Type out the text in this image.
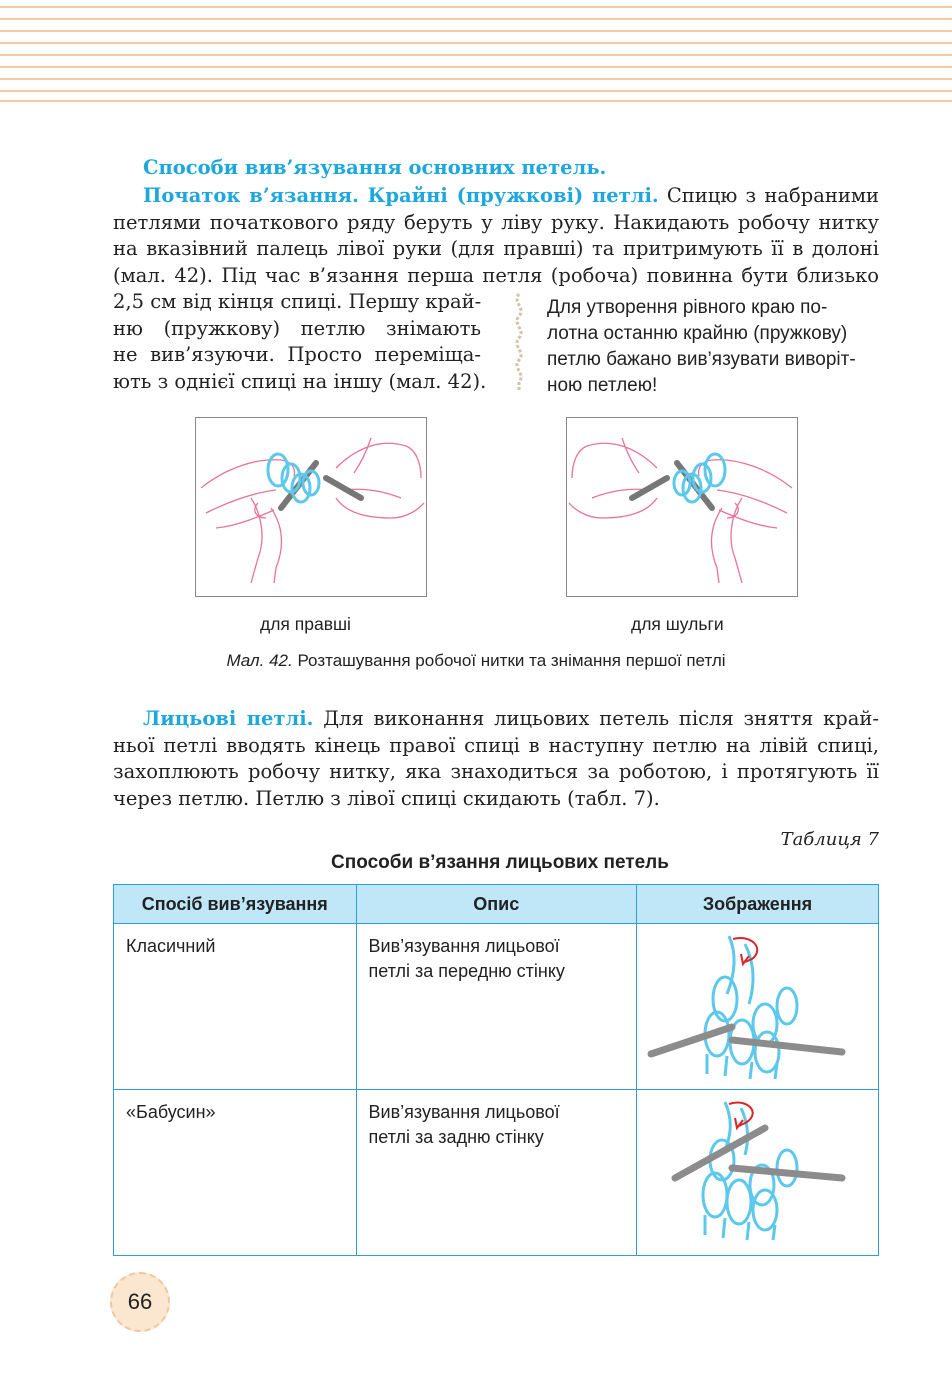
Способи вив’язування основних петель.
Початок в’язання. Крайні (пружкові) петлі. Спицю з набраними
петлями початкового ряду беруть у ліву руку. Накидають робочу нитку
на вказівний палець лівої руки (для правші) та притримують її в долоні
(мал. 42). Під час в’язання перша петля (робоча) повинна бути близько
2,5 см від кінця спиці. Першу край-
ню (пружкову) петлю знімають
не вив’язуючи. Просто переміща-
ють з однієї спиці на іншу (мал. 42).
Для утворення рівного краю по-
лотна останню крайню (пружкову)
петлю бажано вив’язувати виворіт-
ною петлею!
для правші	для шульги
Мал. 42. Розташування робочої нитки та знімання першої петлі
Лицьові петлі. Для виконання лицьових петель після зняття край-
ньої петлі вводять кінець правої спиці в наступну петлю на лівій спиці,
захоплюють робочу нитку, яка знаходиться за роботою, і протягують її
через петлю. Петлю з лівої спиці скидають (табл. 7).
Таблиця 7
Способи в’язання лицьових петель
Спосіб вив’язування	Опис	Зображення
Класичний	Вив’язування лицьової
петлі за передню стінку

«Бабусин»	Вив’язування лицьової
петлі за задню стінку

66
